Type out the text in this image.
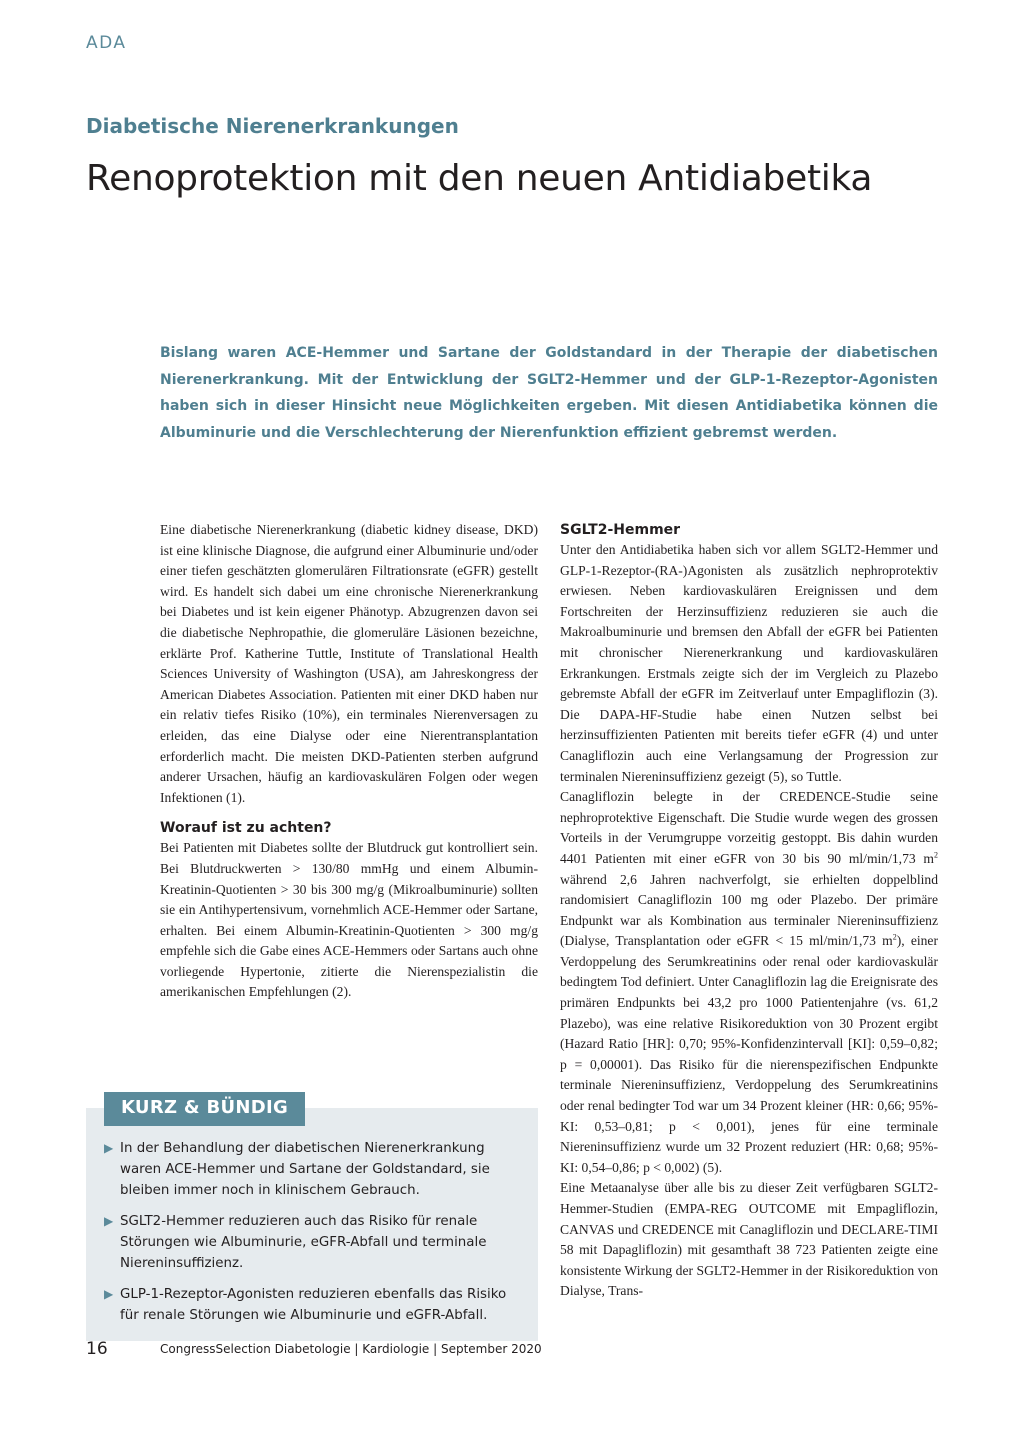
ADA
Diabetische Nierenerkrankungen
Renoprotektion mit den neuen Antidiabetika
Bislang waren ACE-Hemmer und Sartane der Goldstandard in der Therapie der diabetischen Nierenerkrankung. Mit der Entwicklung der SGLT2-Hemmer und der GLP-1-Rezeptor-Agonisten haben sich in dieser Hinsicht neue Möglichkeiten ergeben. Mit diesen Antidiabetika können die Albuminurie und die Verschlechterung der Nierenfunktion effizient gebremst werden.

Eine diabetische Nierenerkrankung (diabetic kidney disease, DKD) ist eine klinische Diagnose, die aufgrund einer Albuminurie und/oder einer tiefen geschätzten glomerulären Filtrationsrate (eGFR) gestellt wird. Es handelt sich dabei um eine chronische Nierenerkrankung bei Diabetes und ist kein eigener Phänotyp. Abzugrenzen davon sei die diabetische Nephropathie, die glomeruläre Läsionen bezeichne, erklärte Prof. Katherine Tuttle, Institute of Translational Health Sciences University of Washington (USA), am Jahreskongress der American Diabetes Association. Patienten mit einer DKD haben nur ein relativ tiefes Risiko (10%), ein terminales Nierenversagen zu erleiden, das eine Dialyse oder eine Nierentransplantation erforderlich macht. Die meisten DKD-Patienten sterben aufgrund anderer Ursachen, häufig an kardiovaskulären Folgen oder wegen Infektionen (1).

Worauf ist zu achten?

Bei Patienten mit Diabetes sollte der Blutdruck gut kontrolliert sein. Bei Blutdruckwerten > 130/80 mmHg und einem Albumin-Kreatinin-Quotienten > 30 bis 300 mg/g (Mikroalbuminurie) sollten sie ein Antihypertensivum, vornehmlich ACE-Hemmer oder Sartane, erhalten. Bei einem Albumin-Kreatinin-Quotienten > 300 mg/g empfehle sich die Gabe eines ACE-Hemmers oder Sartans auch ohne vorliegende Hypertonie, zitierte die Nierenspezialistin die amerikanischen Empfehlungen (2).

KURZ & BÜNDIG
▶ In der Behandlung der diabetischen Nierenerkrankung waren ACE-Hemmer und Sartane der Goldstandard, sie bleiben immer noch in klinischem Gebrauch.
▶ SGLT2-Hemmer reduzieren auch das Risiko für renale Störungen wie Albuminurie, eGFR-Abfall und terminale Niereninsuffizienz.
▶ GLP-1-Rezeptor-Agonisten reduzieren ebenfalls das Risiko für renale Störungen wie Albuminurie und eGFR-Abfall.
SGLT2-Hemmer

Unter den Antidiabetika haben sich vor allem SGLT2-Hemmer und GLP-1-Rezeptor-(RA-)Agonisten als zusätzlich nephroprotektiv erwiesen. Neben kardiovaskulären Ereignissen und dem Fortschreiten der Herzinsuffizienz reduzieren sie auch die Makroalbuminurie und bremsen den Abfall der eGFR bei Patienten mit chronischer Nierenerkrankung und kardiovaskulären Erkrankungen. Erstmals zeigte sich der im Vergleich zu Plazebo gebremste Abfall der eGFR im Zeitverlauf unter Empagliflozin (3). Die DAPA-HF-Studie habe einen Nutzen selbst bei herzinsuffizienten Patienten mit bereits tiefer eGFR (4) und unter Canagliflozin auch eine Verlangsamung der Progression zur terminalen Niereninsuffizienz gezeigt (5), so Tuttle.

Canagliflozin belegte in der CREDENCE-Studie seine nephroprotektive Eigenschaft. Die Studie wurde wegen des grossen Vorteils in der Verumgruppe vorzeitig gestoppt. Bis dahin wurden 4401 Patienten mit einer eGFR von 30 bis 90 ml/min/1,73 $m^2$ während 2,6 Jahren nachverfolgt, sie erhielten doppelblind randomisiert Canagliflozin 100 mg oder Plazebo. Der primäre Endpunkt war als Kombination aus terminaler Niereninsuffizienz (Dialyse, Transplantation oder eGFR < 15 ml/min/1,73 $m^2$), einer Verdoppelung des Serumkreatinins oder renal oder kardiovaskulär bedingtem Tod definiert. Unter Canagliflozin lag die Ereignisrate des primären Endpunkts bei 43,2 pro 1000 Patientenjahre (vs. 61,2 Plazebo), was eine relative Risikoreduktion von 30 Prozent ergibt (Hazard Ratio [HR]: 0,70; 95%-Konfidenzintervall [KI]: 0,59–0,82; p = 0,00001). Das Risiko für die nierenspezifischen Endpunkte terminale Niereninsuffizienz, Verdoppelung des Serumkreatinins oder renal bedingter Tod war um 34 Prozent kleiner (HR: 0,66; 95%-KI: 0,53–0,81; p < 0,001), jenes für eine terminale Niereninsuffizienz wurde um 32 Prozent reduziert (HR: 0,68; 95%-KI: 0,54–0,86; p < 0,002) (5).

Eine Metaanalyse über alle bis zu dieser Zeit verfügbaren SGLT2-Hemmer-Studien (EMPA-REG OUTCOME mit Empagliflozin, CANVAS und CREDENCE mit Canagliflozin und DECLARE-TIMI 58 mit Dapagliflozin) mit gesamthaft 38 723 Patienten zeigte eine konsistente Wirkung der SGLT2-Hemmer in der Risikoreduktion von Dialyse, Trans-

16	CongressSelection Diabetologie | Kardiologie | September 2020
